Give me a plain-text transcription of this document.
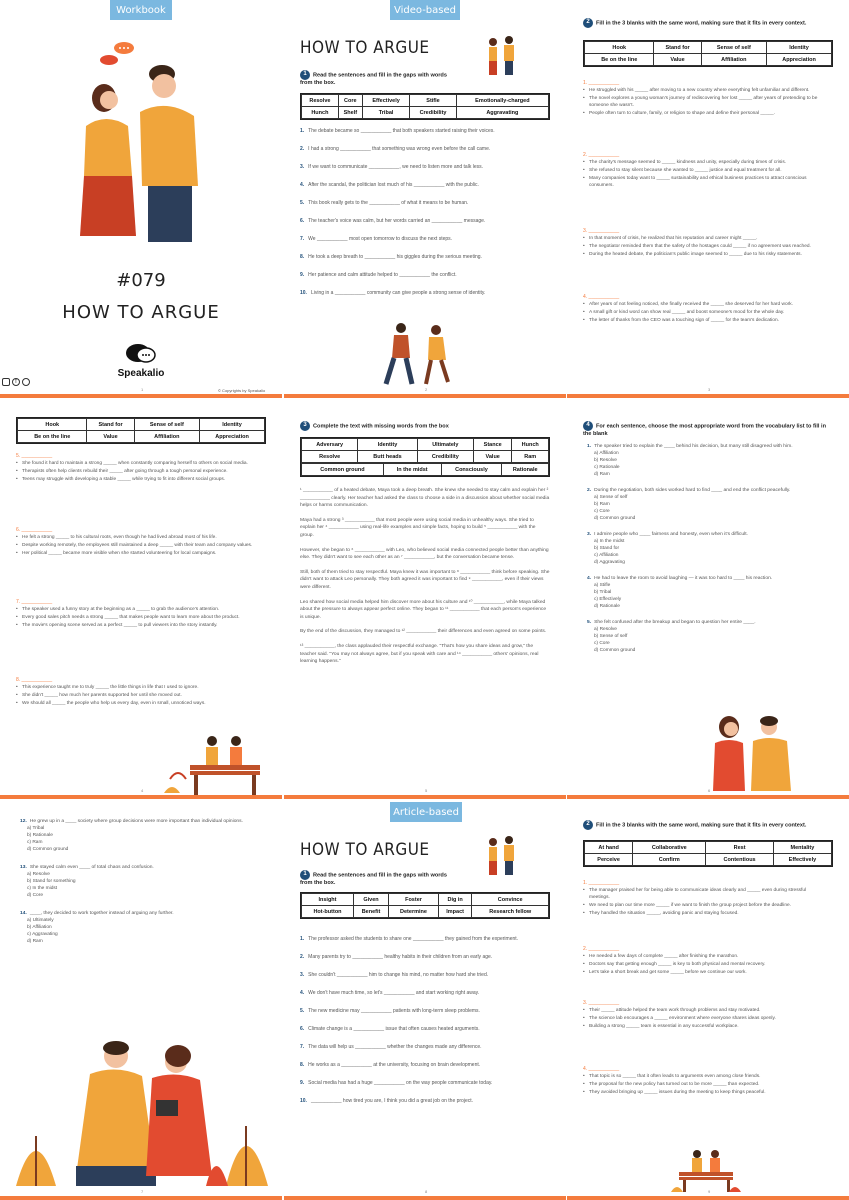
Workbook
#079
HOW TO ARGUE
Speakalio
f
© Copyrights by Speakalio
1
Video-based
HOW TO ARGUE
1 Read the sentences and fill in the gaps with words from the box.
Resolve	Core	Effectively	Stifle	Emotionally-charged
Hunch	Shelf	Tribal	Credibility	Aggravating
1. The debate became so ___________ that both speakers started raising their voices.
2. I had a strong ___________ that something was wrong even before the call came.
3. If we want to communicate ___________, we need to listen more and talk less.
4. After the scandal, the politician lost much of his ___________ with the public.
5. This book really gets to the ___________ of what it means to be human.
6. The teacher's voice was calm, but her words carried an ___________ message.
7. We ___________ most open tomorrow to discuss the next steps.
8. He took a deep breath to ___________ his giggles during the serious meeting.
9. Her patience and calm attitude helped to ___________ the conflict.
10. Living in a ___________ community can give people a strong sense of identity.
2
2 Fill in the 3 blanks with the same word, making sure that it fits in every context.
Hook	Stand for	Sense of self	Identity
Be on the line	Value	Affiliation	Appreciation
1. ___________
• He struggled with his _____ after moving to a new country where everything felt unfamiliar and different.
• The novel explores a young woman's journey of rediscovering her lost _____ after years of pretending to be someone she wasn't.
• People often turn to culture, family, or religion to shape and define their personal _____.
2. ___________
• The charity's message seemed to _____ kindness and unity, especially during times of crisis.
• She refused to stay silent because she wanted to _____ justice and equal treatment for all.
• Many companies today want to _____ sustainability and ethical business practices to attract conscious consumers.
3. ___________
• In that moment of crisis, he realized that his reputation and career might _____.
• The negotiator reminded them that the safety of the hostages could _____ if no agreement was reached.
• During the heated debate, the politician's public image seemed to _____ due to his risky statements.
4. ___________
• After years of not feeling noticed, she finally received the _____ she deserved for her hard work.
• A small gift or kind word can show real _____ and boost someone's mood for the whole day.
• The letter of thanks from the CEO was a touching sign of _____ for the team's dedication.
3
Hook	Stand for	Sense of self	Identity
Be on the line	Value	Affiliation	Appreciation
5. ___________
• She found it hard to maintain a strong _____ when constantly comparing herself to others on social media.
• Therapists often help clients rebuild their _____ after going through a tough personal experience.
• Teens may struggle with developing a stable _____ while trying to fit into different social groups.
6. ___________
• He felt a strong _____ to his cultural roots, even though he had lived abroad most of his life.
• Despite working remotely, the employees still maintained a deep _____ with their team and company values.
• Her political _____ became more visible when she started volunteering for local campaigns.
7. ___________
• The speaker used a funny story at the beginning as a _____ to grab the audience's attention.
• Every good sales pitch needs a strong _____ that makes people want to learn more about the product.
• The movie's opening scene served as a perfect _____ to pull viewers into the story instantly.
8. ___________
• This experience taught me to truly _____ the little things in life that I used to ignore.
• She didn't _____ how much her parents supported her until she moved out.
• We should all _____ the people who help us every day, even in small, unnoticed ways.
4
3 Complete the text with missing words from the box
Adversary	Identity	Ultimately	Stance	Hunch
Resolve	Butt heads	Credibility	Value	Ram
Common ground	In the midst	Consciously	Rationale

¹ ___________ of a heated debate, Maya took a deep breath. She knew she needed to stay calm and explain her ² ___________ clearly. Her teacher had asked the class to choose a side in a discussion about whether social media helps or harms communication.

Maya had a strong ³ ___________ that most people were using social media in unhealthy ways. She tried to explain her ⁴ ___________ using real-life examples and simple facts, hoping to build ⁵ ___________ with the group.

However, she began to ⁶ ___________ with Leo, who believed social media connected people better than anything else. They didn't want to see each other as an ⁷ ___________, but the conversation became tense.

Still, both of them tried to stay respectful. Maya knew it was important to ⁸ ___________ think before speaking. She didn't want to attack Leo personally. They both agreed it was important to find ⁹ ___________, even if their views were different.

Leo shared how social media helped him discover more about his culture and ¹⁰ ___________, while Maya talked about the pressure to always appear perfect online. They began to ¹¹ ___________ that each person's experience is unique.

By the end of the discussion, they managed to ¹² ___________ their differences and even agreed on some points.

¹³ ___________, the class applauded their respectful exchange. "That's how you share ideas and grow," the teacher said. "You may not always agree, but if you speak with care and ¹⁴ ___________ others' opinions, real learning happens."

5
4 For each sentence, choose the most appropriate word from the vocabulary list to fill in the blank
1. The speaker tried to explain the ____ behind his decision, but many still disagreed with him.
a) Affiliation
b) Resolve
c) Rationale
d) Ram
2. During the negotiation, both sides worked hard to find ____ and end the conflict peacefully.
a) Sense of self
b) Ram
c) Core
d) Common ground
3. I admire people who ____ fairness and honesty, even when it's difficult.
a) In the midst
b) Stand for
c) Affiliation
d) Aggravating
4. He had to leave the room to avoid laughing — it was too hard to ____ his reaction.
a) Stifle
b) Tribal
c) Effectively
d) Rationale
5. She felt confused after the breakup and began to question her entire ____.
a) Resolve
b) Sense of self
c) Core
d) Common ground
6
12. He grew up in a ____ society where group decisions were more important than individual opinions.
a) Tribal
b) Rationale
c) Ram
d) Common ground
13. She stayed calm even ____ of total chaos and confusion.
a) Resolve
b) Stand for something
c) In the midst
d) Core
14. ____, they decided to work together instead of arguing any further.
a) Ultimately
b) Affiliation
c) Aggravating
d) Ram
7
Article-based
HOW TO ARGUE
1 Read the sentences and fill in the gaps with words from the box.
Insight	Given	Foster	Dig in	Convince
Hot-button	Benefit	Determine	Impact	Research fellow
1. The professor asked the students to share one ___________ they gained from the experiment.
2. Many parents try to ___________ healthy habits in their children from an early age.
3. She couldn't ___________ him to change his mind, no matter how hard she tried.
4. We don't have much time, so let's ___________ and start working right away.
5. The new medicine may ___________ patients with long-term sleep problems.
6. Climate change is a ___________ issue that often causes heated arguments.
7. The data will help us ___________ whether the changes made any difference.
8. He works as a ___________ at the university, focusing on brain development.
9. Social media has had a huge ___________ on the way people communicate today.
10. ___________ how tired you are, I think you did a great job on the project.
8
2 Fill in the 3 blanks with the same word, making sure that it fits in every context.
At hand	Collaborative	Rest	Mentality
Perceive	Confirm	Contentious	Effectively
1. ___________
• The manager praised her for being able to communicate ideas clearly and _____ even during stressful meetings.
• We need to plan our time more _____ if we want to finish the group project before the deadline.
• They handled the situation _____, avoiding panic and staying focused.
2. ___________
• He needed a few days of complete _____ after finishing the marathon.
• Doctors say that getting enough _____ is key to both physical and mental recovery.
• Let's take a short break and get some _____ before we continue our work.
3. ___________
• Their _____ attitude helped the team work through problems and stay motivated.
• The science lab encourages a _____ environment where everyone shares ideas openly.
• Building a strong _____ team is essential in any successful workplace.
4. ___________
• That topic is so _____ that it often leads to arguments even among close friends.
• The proposal for the new policy has turned out to be more _____ than expected.
• They avoided bringing up _____ issues during the meeting to keep things peaceful.
9
